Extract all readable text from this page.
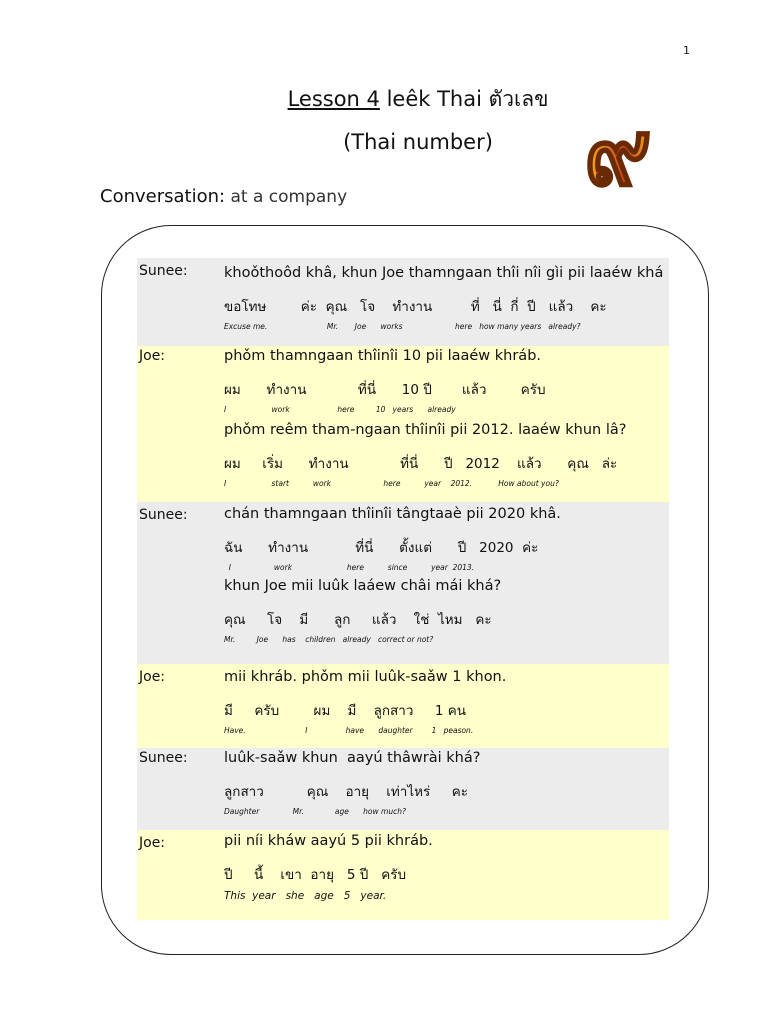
1
Lesson 4 leêk Thai ตัวเลข
(Thai number) ๙
Conversation: at a company
Sunee:	khoǒthoôd khâ, khun Joe thamngaan thîi nîi gìi pii laaéw khá
ขอโทษ        ค่ะ  คุณ   โจ    ทำงาน         ที่   นี่  กี่  ปี   แล้ว    คะ
Excuse me.                         Mr.       Joe      works                      here   how many years   already?
Joe:	phǒm thamngaan thîinîi 10 pii laaéw khráb.
ผม      ทำงาน            ที่นี่      10 ปี       แล้ว        ครับ
I                   work                    here         10   years      already
phǒm reêm tham-ngaan thîinîi pii 2012. laaéw khun lâ?
ผม     เริ่ม      ทำงาน            ที่นี่      ปี   2012    แล้ว      คุณ   ล่ะ
I                   start          work                      here          year    2012.           How about you?
Sunee:	chán thamngaan thîinîi tângtaaè pii 2020 khâ.
ฉัน      ทำงาน           ที่นี่      ตั้งแต่      ปี   2020  ค่ะ
I                  work                       here          since          year  2013.
khun Joe mii luûk laáew châi mái khá?
คุณ     โจ    มี      ลูก     แล้ว    ใช่  ไหม   คะ
Mr.         Joe      has    children   already   correct or not?
Joe:	mii khráb. phǒm mii luûk-saǎw 1 khon.
มี     ครับ        ผม    มี    ลูกสาว     1 คน
Have.                         I                have      daughter        1   peason.
Sunee:	luûk-saǎw khun  aayú thâwrài khá?
ลูกสาว          คุณ    อายุ    เท่าไหร่     คะ
Daughter              Mr.             age      how much?
Joe:	pii níi kháw aayú 5 pii khráb.
ปี     นี้    เขา  อายุ   5 ปี   ครับ
This  year   she   age   5   year.
